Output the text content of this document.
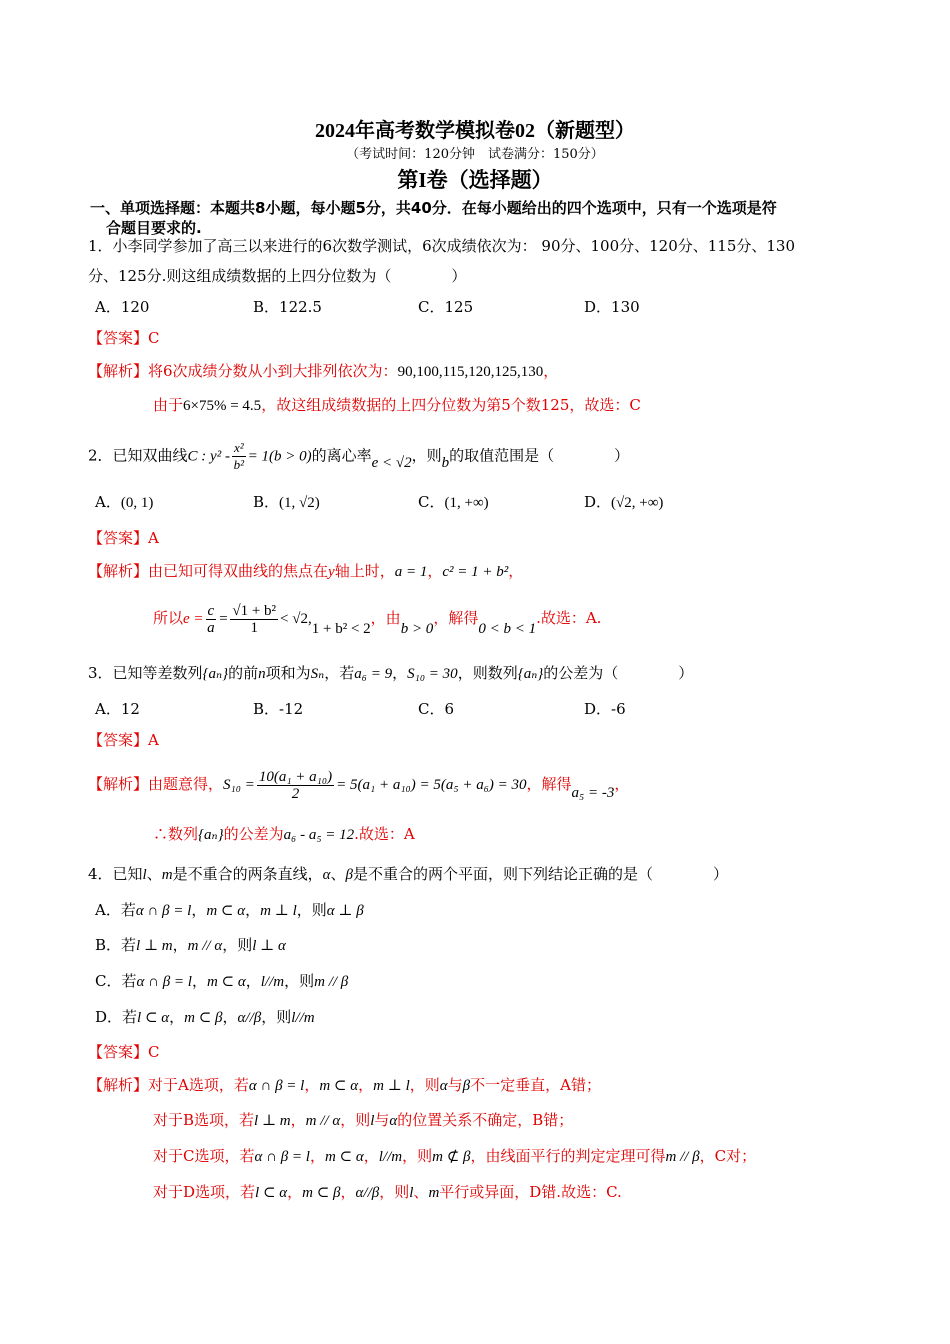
2024年高考数学模拟卷02（新题型）
（考试时间：120分钟　试卷满分：150分）
第I卷（选择题）
一、单项选择题：本题共8小题，每小题5分，共40分．在每小题给出的四个选项中，只有一个选项是符
合题目要求的.
1．小李同学参加了高三以来进行的6次数学测试，6次成绩依次为： 90分、100分、120分、115分、130
分、125分.则这组成绩数据的上四分位数为（　　　　）
A．120	B．122.5	C．125	D．130
【答案】C
【解析】将6次成绩分数从小到大排列依次为：90,100,115,120,125,130，
由于6×75% = 4.5，故这组成绩数据的上四分位数为第5个数125，故选：C
2．已知双曲线C : $y^2 - \frac{\text{x²}}{\text{b²}} = 1(b > 0)$的离心率e < √2，则b的取值范围是（　　　　）
A．(0, 1)	B．(1, √2)	C．(1, +∞)	D．(√2, +∞)
【答案】A
【解析】由已知可得双曲线的焦点在y轴上时，a = 1，c² = 1 + b²，
所以$e = \frac{c}{a} = \frac{\text{√1 + b²}}{1} < √2,1 + b^2 < 2$，由b > 0，解得0 < b < 1.故选：A.
3．已知等差数列{aₙ}的前n项和为Sₙ，若a₆ = 9，S₁₀ = 30，则数列{aₙ}的公差为（　　　　）
A．12	B．-12	C．6	D．-6
【答案】A
【解析】由题意得，$S_{10} = \frac{\text{10(a₁ + a₁₀)}}{2} = 5(a_1 + a_{10}) = 5(a_5 + a_6) = 30$，解得a₅ = -3，
∴数列{aₙ}的公差为a₆ - a₅ = 12.故选：A
4．已知l、m是不重合的两条直线，α、β是不重合的两个平面，则下列结论正确的是（　　　　）
A．若α ∩ β = l，m ⊂ α，m ⊥ l，则α ⊥ β
B．若l ⊥ m，m // α，则l ⊥ α
C．若α ∩ β = l，m ⊂ α，l//m，则m // β
D．若l ⊂ α，m ⊂ β，α//β，则l//m
【答案】C
【解析】对于A选项，若α ∩ β = l，m ⊂ α，m ⊥ l，则α与β不一定垂直，A错；
对于B选项，若l ⊥ m，m // α，则l与α的位置关系不确定，B错；
对于C选项，若α ∩ β = l，m ⊂ α，l//m，则m ⊄ β，由线面平行的判定定理可得m // β，C对；
对于D选项，若l ⊂ α，m ⊂ β，α//β，则l、m平行或异面，D错.故选：C.
